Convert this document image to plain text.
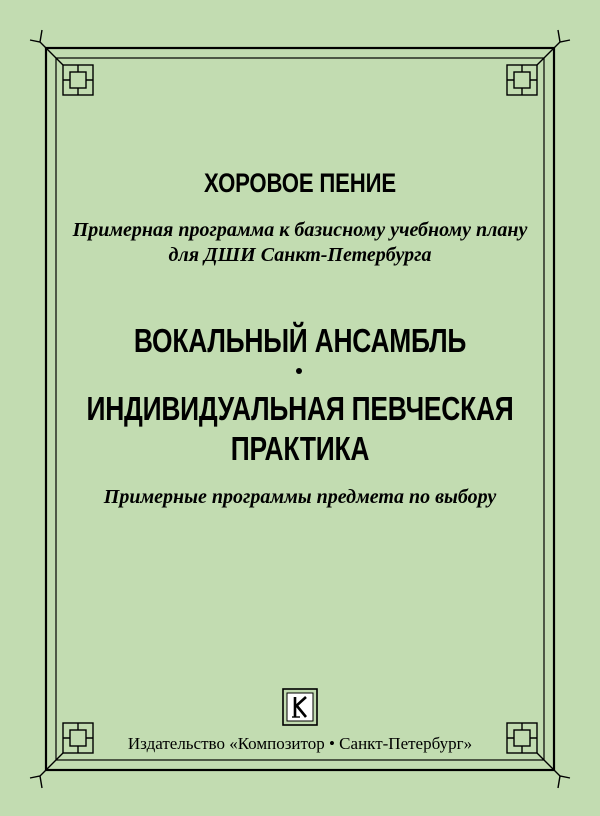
ХОРОВОЕ ПЕНИЕ
Примерная программа к базисному учебному плану
для ДШИ Санкт-Петербурга
ВОКАЛЬНЫЙ АНСАМБЛЬ
ИНДИВИДУАЛЬНАЯ ПЕВЧЕСКАЯ
ПРАКТИКА
Примерные программы предмета по выбору
Издательство «Композитор • Санкт-Петербург»
